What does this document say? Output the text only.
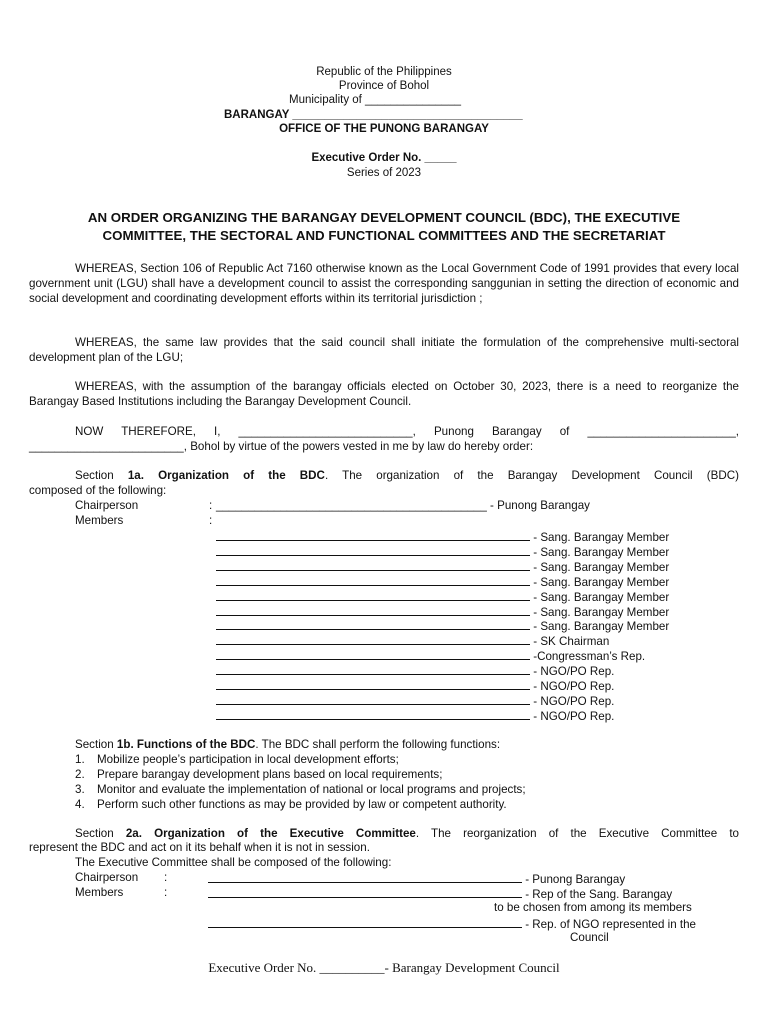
Republic of the Philippines
Province of Bohol
Municipality of _______________
BARANGAY ____________________________________
OFFICE OF THE PUNONG BARANGAY
Executive Order No. _____
Series of 2023
AN ORDER ORGANIZING THE BARANGAY DEVELOPMENT COUNCIL (BDC), THE EXECUTIVE
COMMITTEE, THE SECTORAL AND FUNCTIONAL COMMITTEES AND THE SECRETARIAT
WHEREAS, Section 106 of Republic Act 7160 otherwise known as the Local Government Code of 1991 provides that every local government unit (LGU) shall have a development council to assist the corresponding sanggunian in setting the direction of economic and social development and coordinating development efforts within its territorial jurisdiction ;
WHEREAS, the same law provides that the said council shall initiate the formulation of the comprehensive multi-sectoral development plan of the LGU;
WHEREAS, with the assumption of the barangay officials elected on October 30, 2023, there is a need to reorganize the Barangay Based Institutions including the Barangay Development Council.
NOW THEREFORE, I, ___________________________, Punong Barangay of _______________________,
________________________, Bohol by virtue of the powers vested in me by law do hereby order:
Section 1a. Organization of the BDC. The organization of the Barangay Development Council (BDC)
composed of the following:
Chairperson	: __________________________________________ - Punong Barangay
Members	:
- Sang. Barangay Member
- Sang. Barangay Member
- Sang. Barangay Member
- Sang. Barangay Member
- Sang. Barangay Member
- Sang. Barangay Member
- Sang. Barangay Member
- SK Chairman
-Congressman’s Rep.
- NGO/PO Rep.
- NGO/PO Rep.
- NGO/PO Rep.
- NGO/PO Rep.
Section 1b. Functions of the BDC. The BDC shall perform the following functions:
1. Mobilize people’s participation in local development efforts;
2. Prepare barangay development plans based on local requirements;
3. Monitor and evaluate the implementation of national or local programs and projects;
4. Perform such other functions as may be provided by law or competent authority.
Section 2a. Organization of the Executive Committee. The reorganization of the Executive Committee to
represent the BDC and act on it its behalf when it is not in session.
The Executive Committee shall be composed of the following:
Chairperson :	- Punong Barangay
Members	:	- Rep of the Sang. Barangay
to be chosen from among its members
- Rep. of NGO represented in the
Council
Executive Order No. __________- Barangay Development Council
